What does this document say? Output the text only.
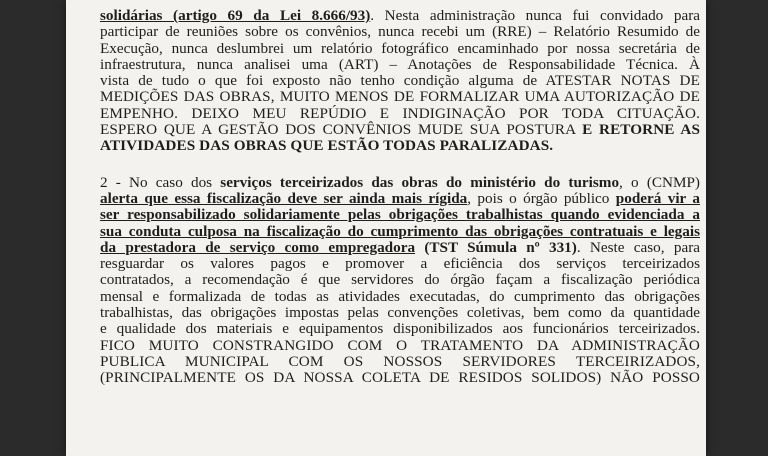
solidárias (artigo 69 da Lei 8.666/93). Nesta administração nunca fui convidado para
participar de reuniões sobre os convênios, nunca recebi um (RRE) – Relatório Resumido de
Execução, nunca deslumbrei um relatório fotográfico encaminhado por nossa secretária de
infraestrutura, nunca analisei uma (ART) – Anotações de Responsabilidade Técnica. À
vista de tudo o que foi exposto não tenho condição alguma de ATESTAR NOTAS DE
MEDIÇÕES DAS OBRAS, MUITO MENOS DE FORMALIZAR UMA AUTORIZAÇÃO DE
EMPENHO. DEIXO MEU REPÚDIO E INDIGINAÇÃO POR TODA CITUAÇÃO.
ESPERO QUE A GESTÃO DOS CONVÊNIOS MUDE SUA POSTURA E RETORNE AS
ATIVIDADES DAS OBRAS QUE ESTÃO TODAS PARALIZADAS.
2 - No caso dos serviços terceirizados das obras do ministério do turismo, o (CNMP)
alerta que essa fiscalização deve ser ainda mais rígida, pois o órgão público poderá vir a
ser responsabilizado solidariamente pelas obrigações trabalhistas quando evidenciada a
sua conduta culposa na fiscalização do cumprimento das obrigações contratuais e legais
da prestadora de serviço como empregadora (TST Súmula nº 331). Neste caso, para
resguardar os valores pagos e promover a eficiência dos serviços terceirizados
contratados, a recomendação é que servidores do órgão façam a fiscalização periódica
mensal e formalizada de todas as atividades executadas, do cumprimento das obrigações
trabalhistas, das obrigações impostas pelas convenções coletivas, bem como da quantidade
e qualidade dos materiais e equipamentos disponibilizados aos funcionários terceirizados.
FICO MUITO CONSTRANGIDO COM O TRATAMENTO DA ADMINISTRAÇÃO
PUBLICA MUNICIPAL COM OS NOSSOS SERVIDORES TERCEIRIZADOS,
(PRINCIPALMENTE OS DA NOSSA COLETA DE RESIDOS SOLIDOS) NÃO POSSO
